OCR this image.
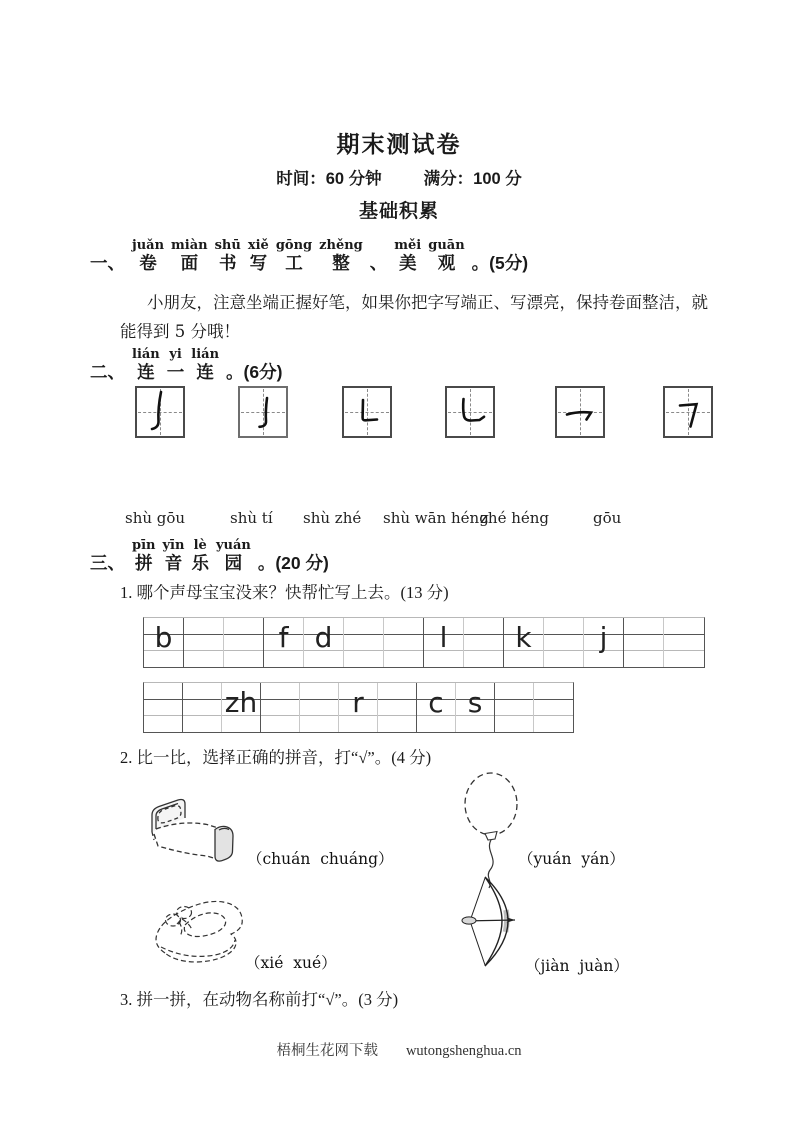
期末测试卷
时间：60 分钟	满分：100 分
基础积累
一、
juǎn
卷
miàn
面
shū
书
xiě
写
gōng
工
zhěng
整 、
měi
美
guān
观 。(5分)
小朋友，注意坐端正握好笔，如果你把字写端正、写漂亮，保持卷面整洁，就
能得到 5 分哦！
二、
lián
连
yi
一
lián
连 。(6分)
shù gōu	shù tí shù zhé shù wān héng
zhé héng	gōu
三、
pīn
拼
yīn
音
lè
乐
yuán
园 。(20 分)
1. 哪个声母宝宝没来？快帮忙写上去。(13 分)
b	f d	l	k	j
zh	r	c s
2. 比一比，选择正确的拼音，打“√”。(4 分)
（chuán  chuáng）	（yuán  yán）
（xié  xué）	（jiàn  juàn）
3. 拼一拼，在动物名称前打“√”。(3 分)
梧桐生花网下载 wutongshenghua.cn
